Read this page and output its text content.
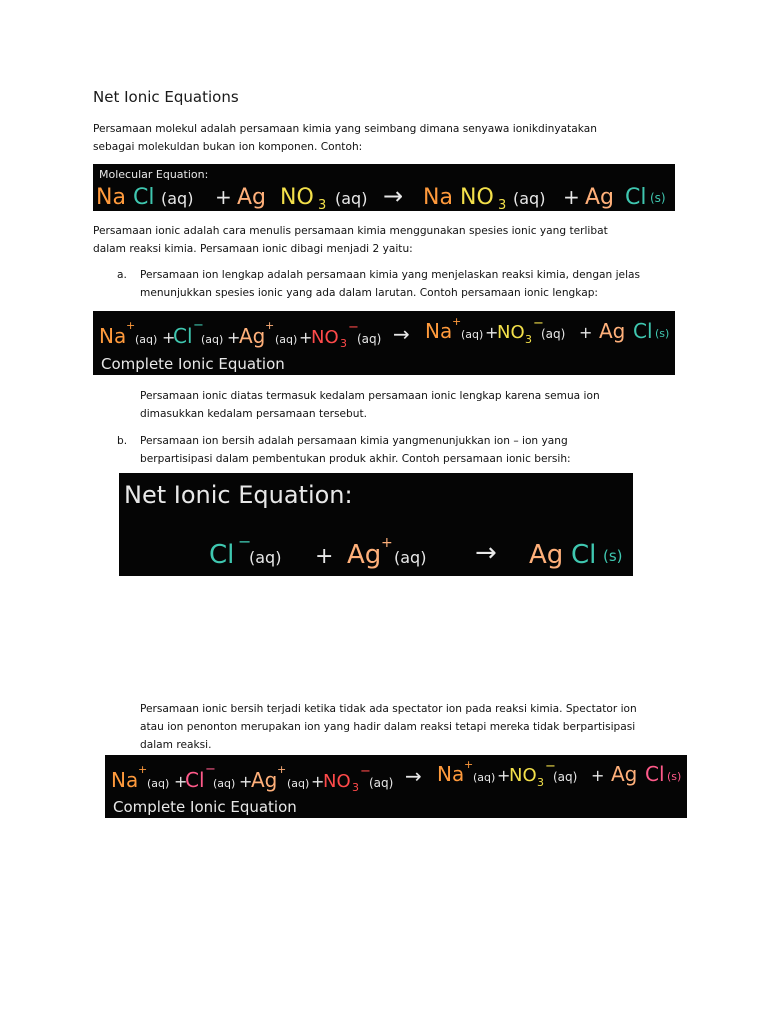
Net Ionic Equations

Persamaan molekul adalah persamaan kimia yang seimbang dimana senyawa ionikdinyatakan
sebagai molekuldan bukan ion komponen. Contoh:

Molecular Equation:
Na Cl (aq) + Ag NO 3 (aq) → Na NO 3 (aq) + Ag Cl (s)

Persamaan ionic adalah cara menulis persamaan kimia menggunakan spesies ionic yang terlibat
dalam reaksi kimia. Persamaan ionic dibagi menjadi 2 yaitu:

a. Persamaan ion lengkap adalah persamaan kimia yang menjelaskan reaksi kimia, dengan jelas
menunjukkan spesies ionic yang ada dalam larutan. Contoh persamaan ionic lengkap:

Na +
(aq) +
Cl −
(aq) +
Ag +
(aq) +
NO 3
−
(aq) → Na +
(aq) +
NO 3
−
(aq) + Ag Cl (s)
Complete Ionic Equation

Persamaan ionic diatas termasuk kedalam persamaan ionic lengkap karena semua ion
dimasukkan kedalam persamaan tersebut.

b. Persamaan ion bersih adalah persamaan kimia yangmenunjukkan ion – ion yang
berpartisipasi dalam pembentukan produk akhir. Contoh persamaan ionic bersih:

Net Ionic Equation:
Cl −
(aq) + Ag +
(aq) → Ag Cl (s)

Persamaan ionic bersih terjadi ketika tidak ada spectator ion pada reaksi kimia. Spectator ion
atau ion penonton merupakan ion yang hadir dalam reaksi tetapi mereka tidak berpartisipasi
dalam reaksi.

Na +
(aq) +
Cl −
(aq) +
Ag +
(aq) +
NO 3
−
(aq) → Na +
(aq) +
NO 3
−
(aq) + Ag Cl (s)
Complete Ionic Equation
